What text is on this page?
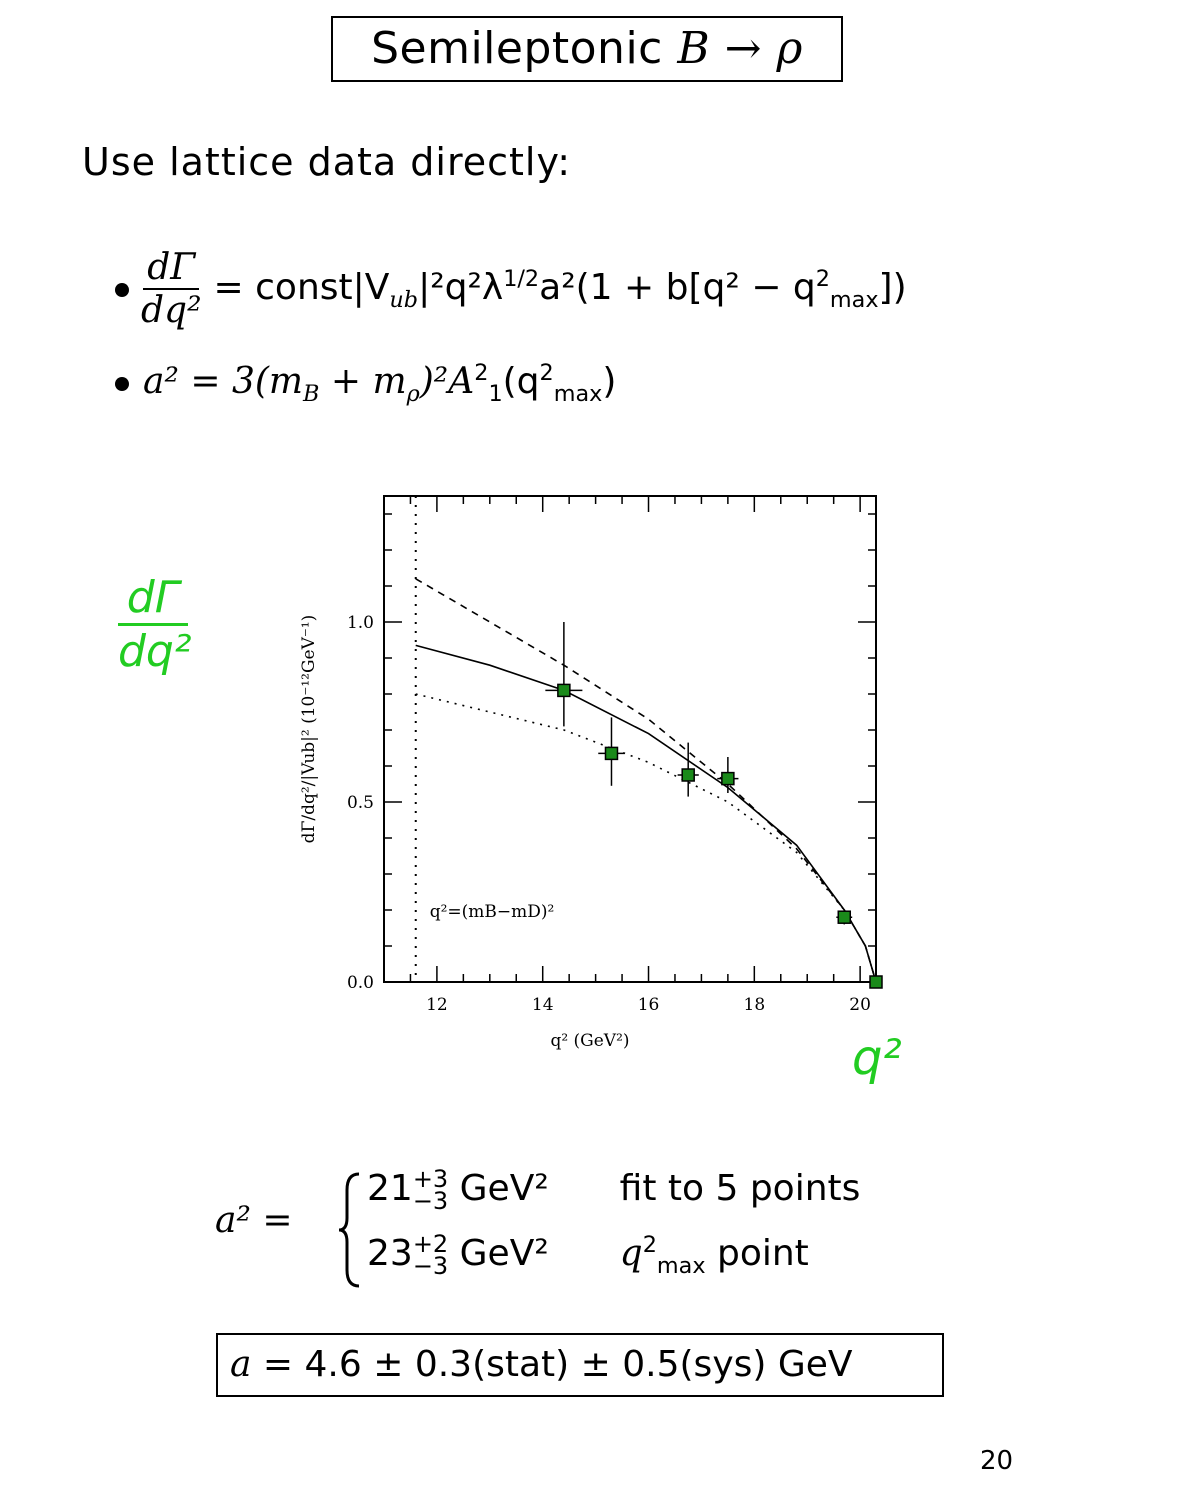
Semileptonic B → ρ
Use lattice data directly:
$\frac{d\Gamma}{\text{dq²}}$ = $const|V_{ub}|^2q^2\lambda^{1/2}a^2(1 + b[q^2 - q^2_{max}])$
$a^2 = 3(m_B + m_\rho)^2A^2_1(q^2_{max})$
$\frac{d\Gamma}{\text{dq²}}$
q²
12	14	16	18	20
0.0
0.5
1.0
q² (GeV²)
dΓ/dq²/|Vub|² (10⁻¹²GeV⁻¹)
q²=(mB−mD)²
a² =
21 +3
−3 GeV² fit to 5 points
23 +2
−3 GeV² $q^2_{max}$ point
a = 4.6 ± 0.3(stat) ± 0.5(sys) GeV
20
